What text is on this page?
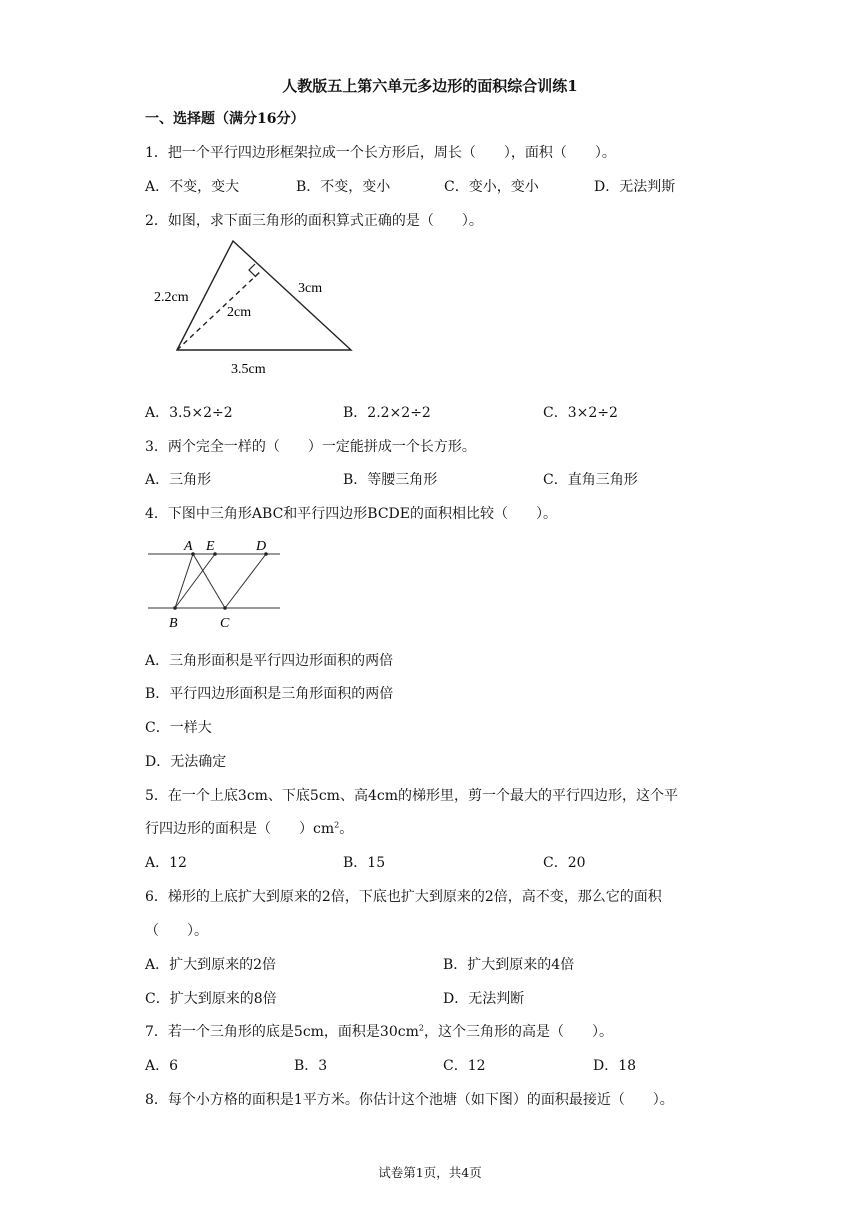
人教版五上第六单元多边形的面积综合训练1
一、选择题（满分16分）
1．把一个平行四边形框架拉成一个长方形后，周长（　　），面积（　　）。
A．不变，变大	B．不变，变小	C．变小，变小	D．无法判斯
2．如图，求下面三角形的面积算式正确的是（　　）。
2.2cm
3cm
2cm
3.5cm
A．3.5×2÷2	B．2.2×2÷2	C．3×2÷2
3．两个完全一样的（　　）一定能拼成一个长方形。
A．三角形	B．等腰三角形	C．直角三角形
4．下图中三角形ABC和平行四边形BCDE的面积相比较（　　）。
A E	D
B	C
A．三角形面积是平行四边形面积的两倍
B．平行四边形面积是三角形面积的两倍
C．一样大
D．无法确定
5．在一个上底3cm、下底5cm、高4cm的梯形里，剪一个最大的平行四边形，这个平
行四边形的面积是（　　）$cm^2$。
A．12	B．15	C．20
6．梯形的上底扩大到原来的2倍，下底也扩大到原来的2倍，高不变，那么它的面积
（　　）。
A．扩大到原来的2倍	B．扩大到原来的4倍
C．扩大到原来的8倍	D．无法判断
7．若一个三角形的底是5cm，面积是$30cm^2$，这个三角形的高是（　　）。
A．6	B．3	C．12	D．18
8．每个小方格的面积是1平方米。你估计这个池塘（如下图）的面积最接近（　　）。
试卷第1页，共4页
